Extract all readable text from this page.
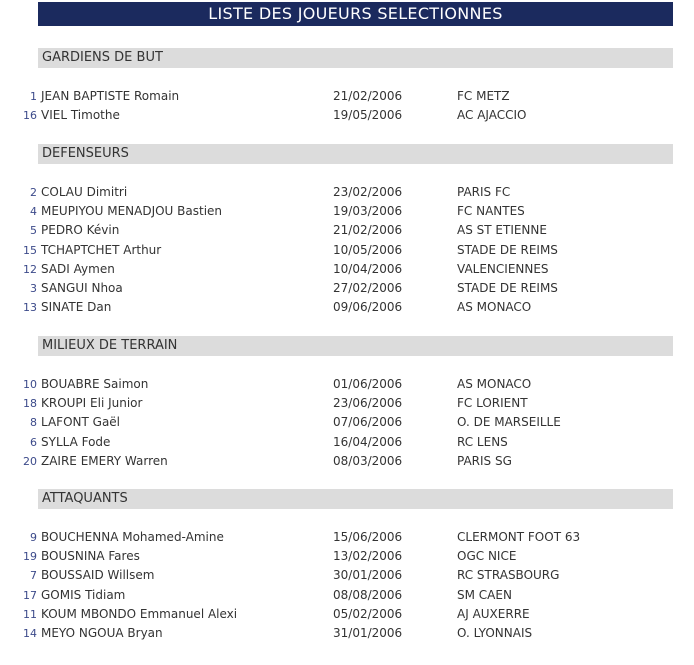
LISTE DES JOUEURS SELECTIONNES
GARDIENS DE BUT
1 JEAN BAPTISTE Romain	21/02/2006	FC METZ
16 VIEL Timothe	19/05/2006	AC AJACCIO
DEFENSEURS
2 COLAU Dimitri	23/02/2006	PARIS FC
4 MEUPIYOU MENADJOU Bastien	19/03/2006	FC NANTES
5 PEDRO Kévin	21/02/2006	AS ST ETIENNE
15 TCHAPTCHET Arthur	10/05/2006	STADE DE REIMS
12 SADI Aymen	10/04/2006	VALENCIENNES
3 SANGUI Nhoa	27/02/2006	STADE DE REIMS
13 SINATE Dan	09/06/2006	AS MONACO
MILIEUX DE TERRAIN
10 BOUABRE Saimon	01/06/2006	AS MONACO
18 KROUPI Eli Junior	23/06/2006	FC LORIENT
8 LAFONT Gaël	07/06/2006	O. DE MARSEILLE
6 SYLLA Fode	16/04/2006	RC LENS
20 ZAIRE EMERY Warren	08/03/2006	PARIS SG
ATTAQUANTS
9 BOUCHENNA Mohamed-Amine	15/06/2006	CLERMONT FOOT 63
19 BOUSNINA Fares	13/02/2006	OGC NICE
7 BOUSSAID Willsem	30/01/2006	RC STRASBOURG
17 GOMIS Tidiam	08/08/2006	SM CAEN
11 KOUM MBONDO Emmanuel Alexi	05/02/2006	AJ AUXERRE
14 MEYO NGOUA Bryan	31/01/2006	O. LYONNAIS
